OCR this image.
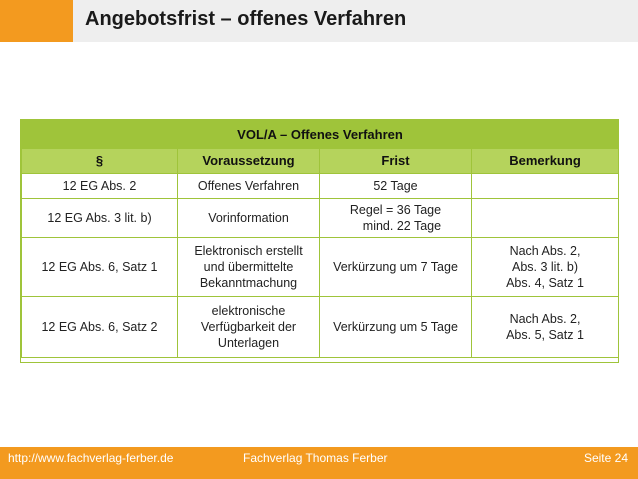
Angebotsfrist – offenes Verfahren
VOL/A – Offenes Verfahren			
§	Voraussetzung	Frist	Bemerkung
12 EG Abs. 2	Offenes Verfahren	52 Tage	
12 EG Abs. 3 lit. b)	Vorinformation	Regel = 36 Tage
mind. 22 Tage	
12 EG Abs. 6, Satz 1	Elektronisch erstellt
und übermittelte
Bekanntmachung	Verkürzung um 7 Tage	Nach Abs. 2,
Abs. 3 lit. b)
Abs. 4, Satz 1
12 EG Abs. 6, Satz 2	elektronische
Verfügbarkeit der
Unterlagen	Verkürzung um 5 Tage	Nach Abs. 2,
Abs. 5, Satz 1
http://www.fachverlag-ferber.de	Fachverlag Thomas Ferber	Seite 24
